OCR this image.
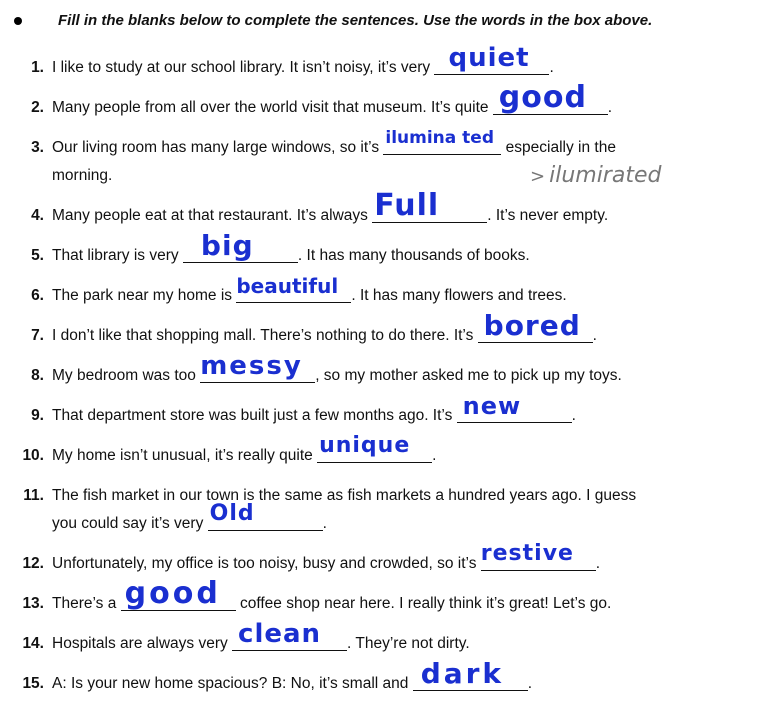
Fill in the blanks below to complete the sentences. Use the words in the box above.
1. I like to study at our school library. It isn’t noisy, it’s very quiet .
2. Many people from all over the world visit that museum. It’s quite good .
3. Our living room has many large windows, so it’s ilumina ted especially in the
morning.	> ilumirated
4. Many people eat at that restaurant. It’s always Full	. It’s never empty.
5. That library is very big	. It has many thousands of books.
6. The park near my home is beautiful . It has many flowers and trees.
7. I don’t like that shopping mall. There’s nothing to do there. It’s bored .
8. My bedroom was too messy , so my mother asked me to pick up my toys.
9. That department store was built just a few months ago. It’s new	.
10. My home isn’t unusual, it’s really quite unique .
11. The fish market in our town is the same as fish markets a hundred years ago. I guess
you could say it’s very Old	.
12. Unfortunately, my office is too noisy, busy and crowded, so it’s restive .
13. There’s a good coffee shop near here. I really think it’s great! Let’s go.
14. Hospitals are always very clean . They’re not dirty.
15. A: Is your new home spacious? B: No, it’s small and dark .
